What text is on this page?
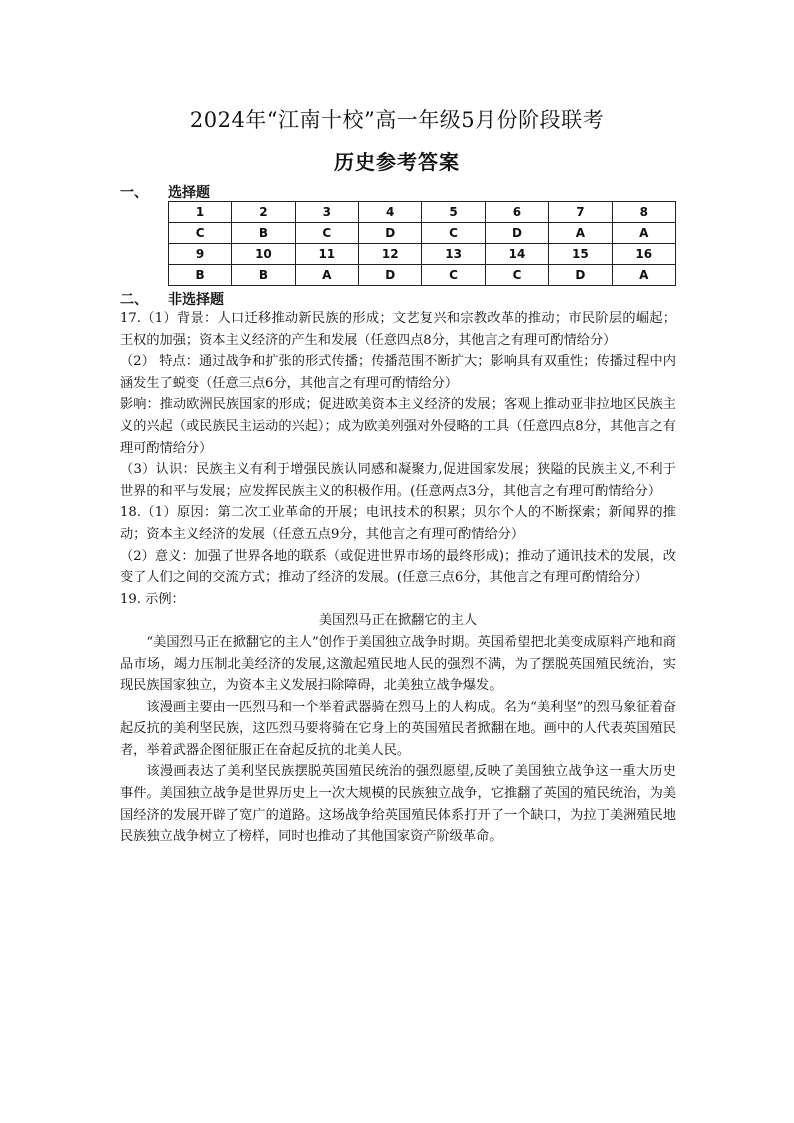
2024年“江南十校”高一年级5月份阶段联考
历史参考答案
一、 选择题
1	2	3	4	5	6	7	8
C	B	C	D	C	D	A	A
9	10	11	12	13	14	15	16
B	B	A	D	C	C	D	A
二、 非选择题

17.（1）背景：人口迁移推动新民族的形成；文艺复兴和宗教改革的推动；市民阶层的崛起；王权的加强；资本主义经济的产生和发展（任意四点8分，其他言之有理可酌情给分）

（2） 特点：通过战争和扩张的形式传播；传播范围不断扩大；影响具有双重性；传播过程中内涵发生了蜕变（任意三点6分，其他言之有理可酌情给分）

影响：推动欧洲民族国家的形成；促进欧美资本主义经济的发展；客观上推动亚非拉地区民族主义的兴起（或民族民主运动的兴起）；成为欧美列强对外侵略的工具（任意四点8分，其他言之有理可酌情给分）

（3）认识：民族主义有利于增强民族认同感和凝聚力,促进国家发展；狭隘的民族主义,不利于世界的和平与发展；应发挥民族主义的积极作用。(任意两点3分，其他言之有理可酌情给分）

18.（1）原因：第二次工业革命的开展；电讯技术的积累；贝尔个人的不断探索；新闻界的推动；资本主义经济的发展（任意五点9分，其他言之有理可酌情给分）

（2）意义：加强了世界各地的联系（或促进世界市场的最终形成)；推动了通讯技术的发展，改变了人们之间的交流方式；推动了经济的发展。(任意三点6分，其他言之有理可酌情给分）

19. 示例：

美国烈马正在掀翻它的主人

“美国烈马正在掀翻它的主人”创作于美国独立战争时期。英国希望把北美变成原料产地和商品市场，竭力压制北美经济的发展,这激起殖民地人民的强烈不满，为了摆脱英国殖民统治，实现民族国家独立，为资本主义发展扫除障碍，北美独立战争爆发。

该漫画主要由一匹烈马和一个举着武器骑在烈马上的人构成。名为“美利坚”的烈马象征着奋起反抗的美利坚民族，这匹烈马要将骑在它身上的英国殖民者掀翻在地。画中的人代表英国殖民者，举着武器企图征服正在奋起反抗的北美人民。

该漫画表达了美利坚民族摆脱英国殖民统治的强烈愿望,反映了美国独立战争这一重大历史事件。美国独立战争是世界历史上一次大规模的民族独立战争，它推翻了英国的殖民统治，为美国经济的发展开辟了宽广的道路。这场战争给英国殖民体系打开了一个缺口，为拉丁美洲殖民地民族独立战争树立了榜样，同时也推动了其他国家资产阶级革命。
